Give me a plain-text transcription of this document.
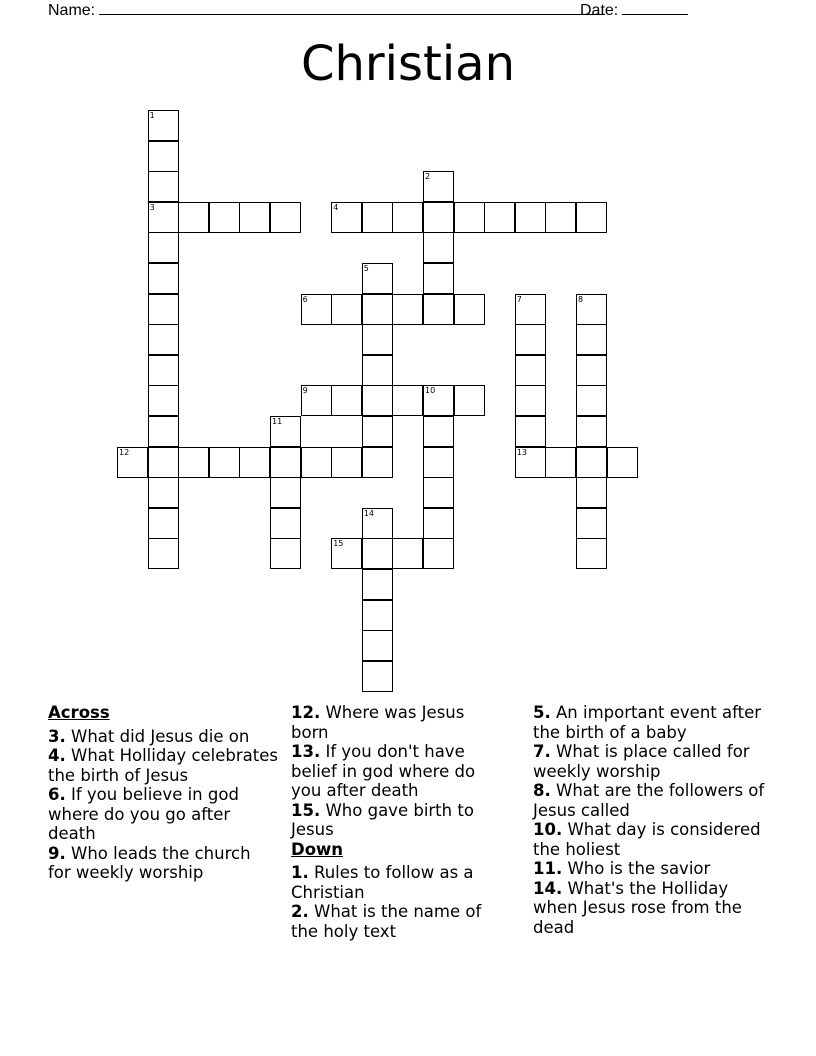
Name:	Date:
Christian
1
3
2
4
5
6	7
13
8
9	10
11
12
14
15
Across
3. What did Jesus die on
4. What Holliday celebrates the birth of Jesus
6. If you believe in god where do you go after death
9. Who leads the church for weekly worship
12. Where was Jesus born
13. If you don't have belief in god where do you after death
15. Who gave birth to Jesus
Down
1. Rules to follow as a Christian
2. What is the name of the holy text
5. An important event after the birth of a baby
7. What is place called for weekly worship
8. What are the followers of Jesus called
10. What day is considered the holiest
11. Who is the savior
14. What's the Holliday when Jesus rose from the dead
